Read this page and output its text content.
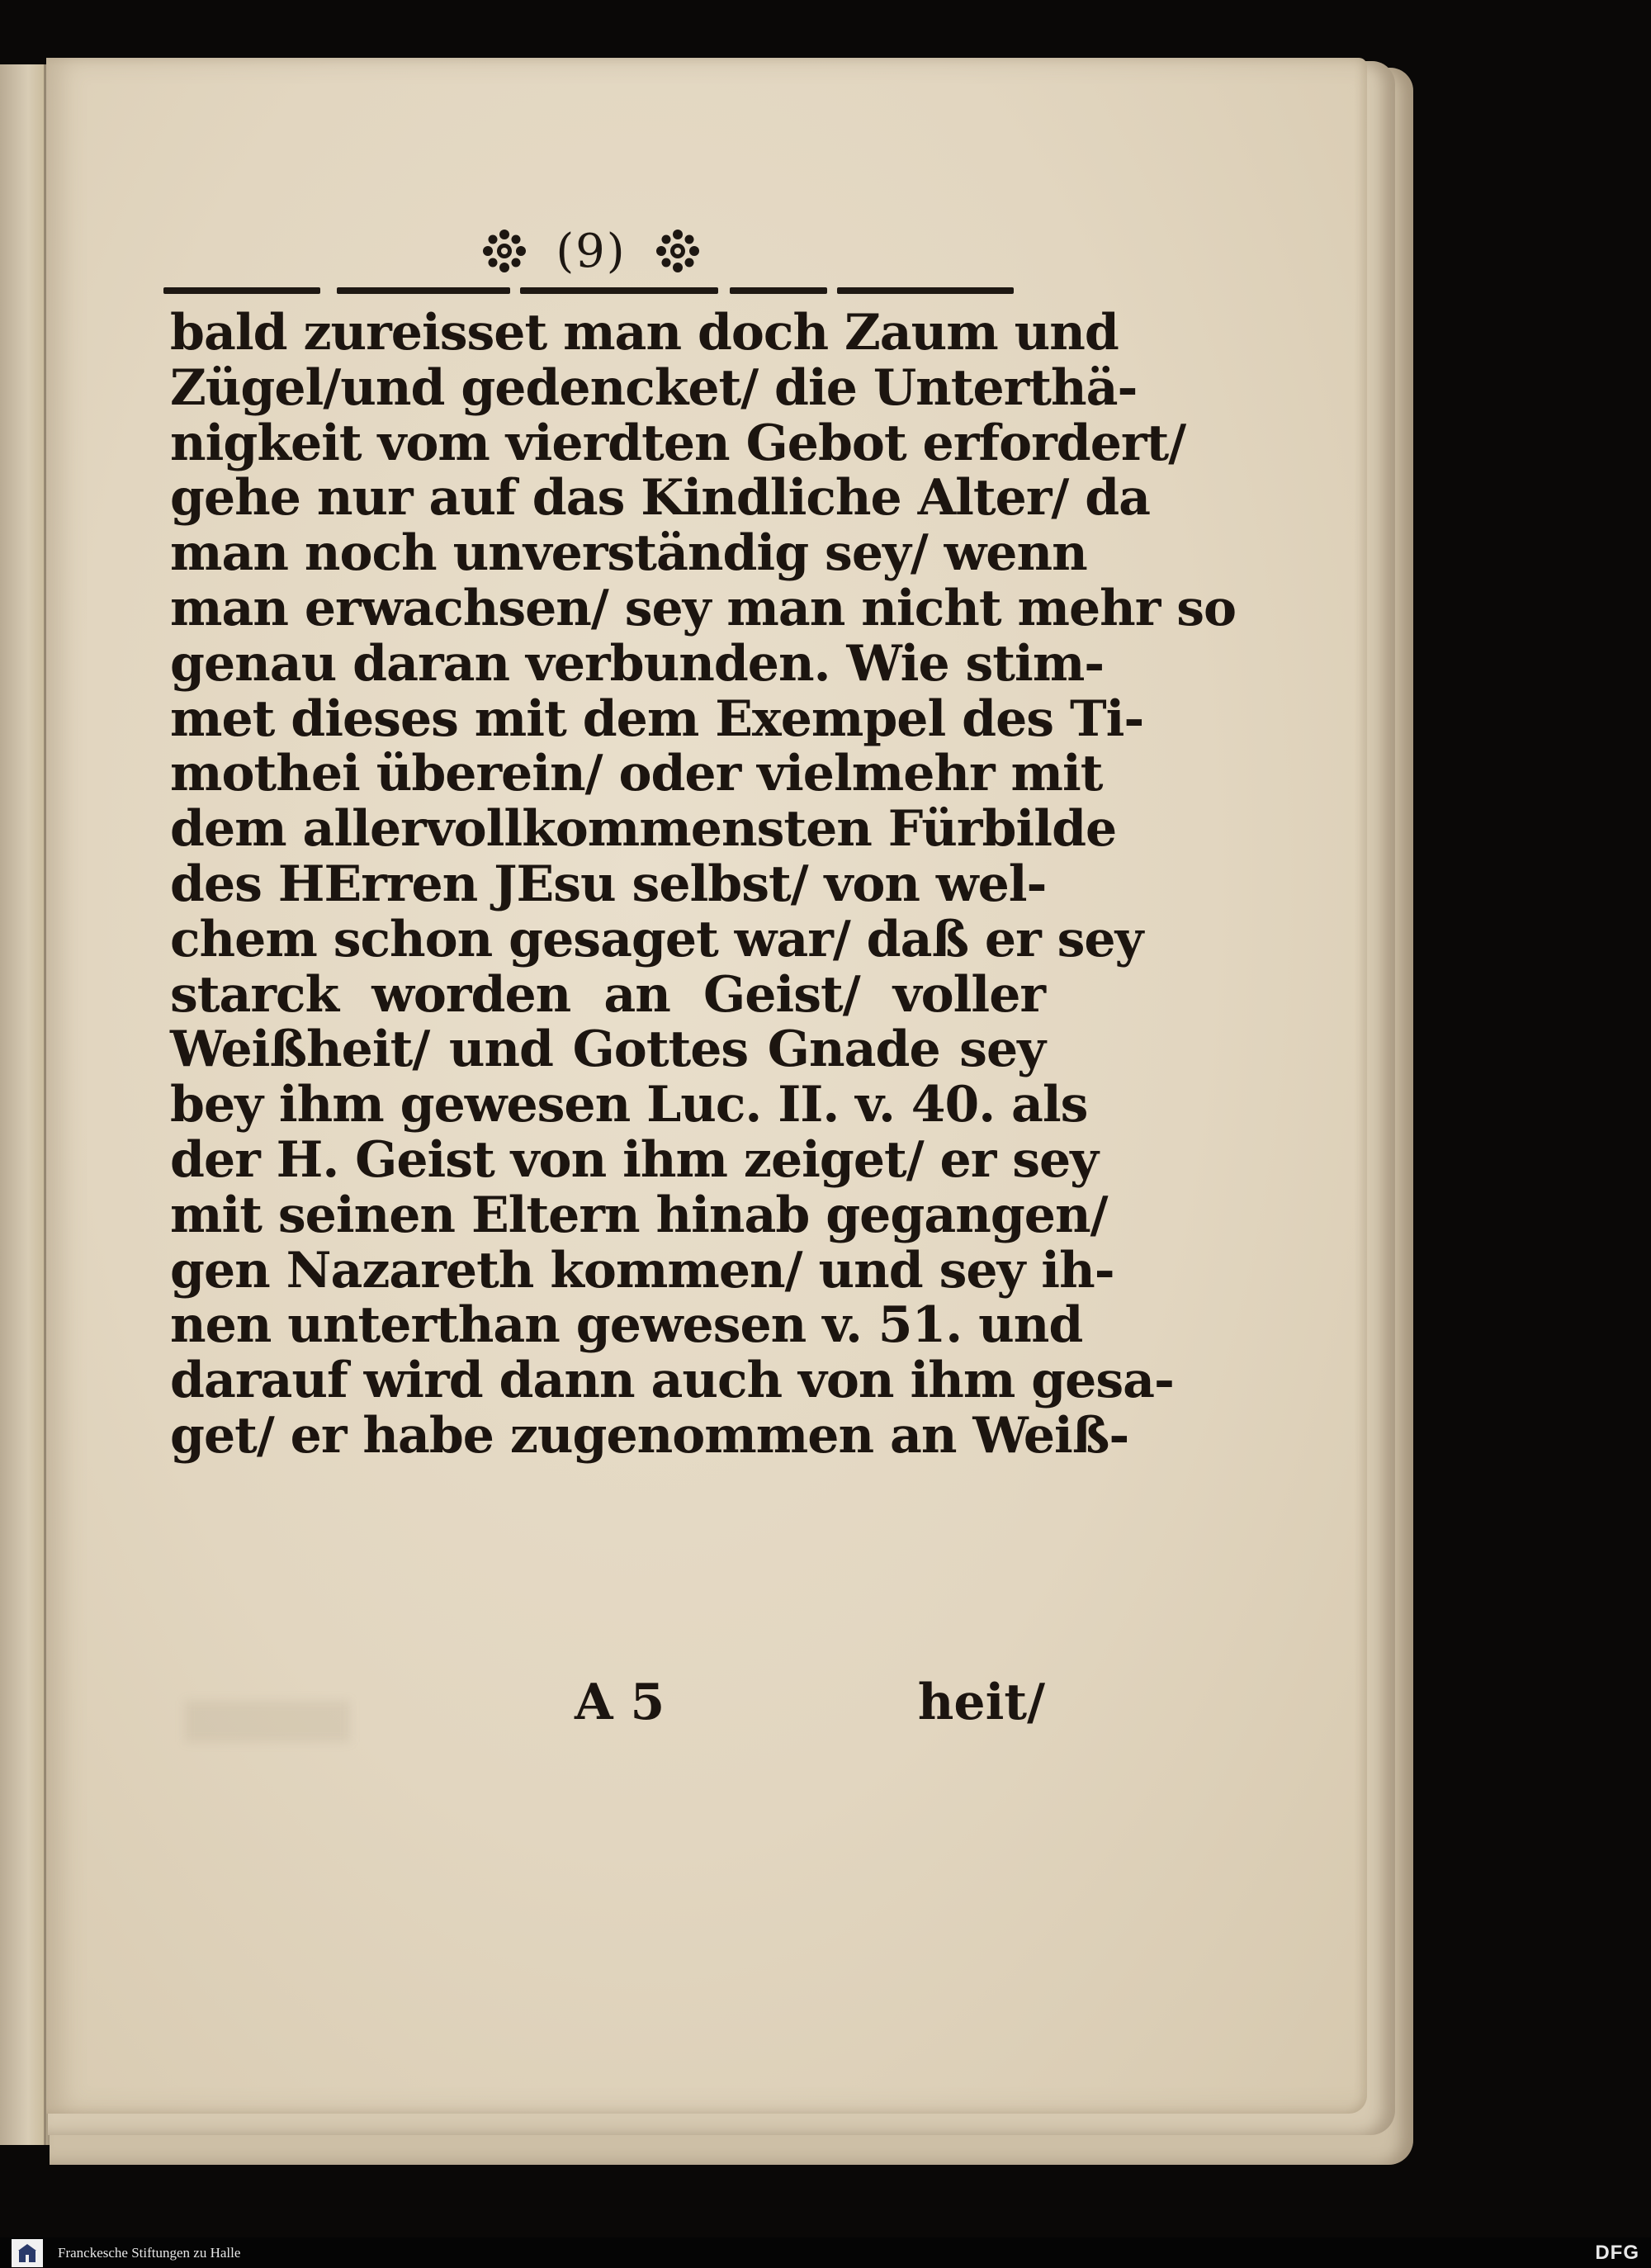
(9)
bald zureisset man doch Zaum und
Zügel/und gedencket/ die Unterthä-
nigkeit vom vierdten Gebot erfordert/
gehe nur auf das Kindliche Alter/ da
man noch unverständig sey/ wenn
man erwachsen/ sey man nicht mehr so
genau daran verbunden. Wie stim-
met dieses mit dem Exempel des Ti-
mothei überein/ oder vielmehr mit
dem allervollkommensten Fürbilde
des HErren JEsu selbst/ von wel-
chem schon gesaget war/ daß er sey
starck worden an Geist/ voller
Weißheit/ und Gottes Gnade sey
bey ihm gewesen Luc. II. v. 40. als
der H. Geist von ihm zeiget/ er sey
mit seinen Eltern hinab gegangen/
gen Nazareth kommen/ und sey ih-
nen unterthan gewesen v. 51. und
darauf wird dann auch von ihm gesa-
get/ er habe zugenommen an Weiß-
A 5	heit/
Franckesche Stiftungen zu Halle	DFG
